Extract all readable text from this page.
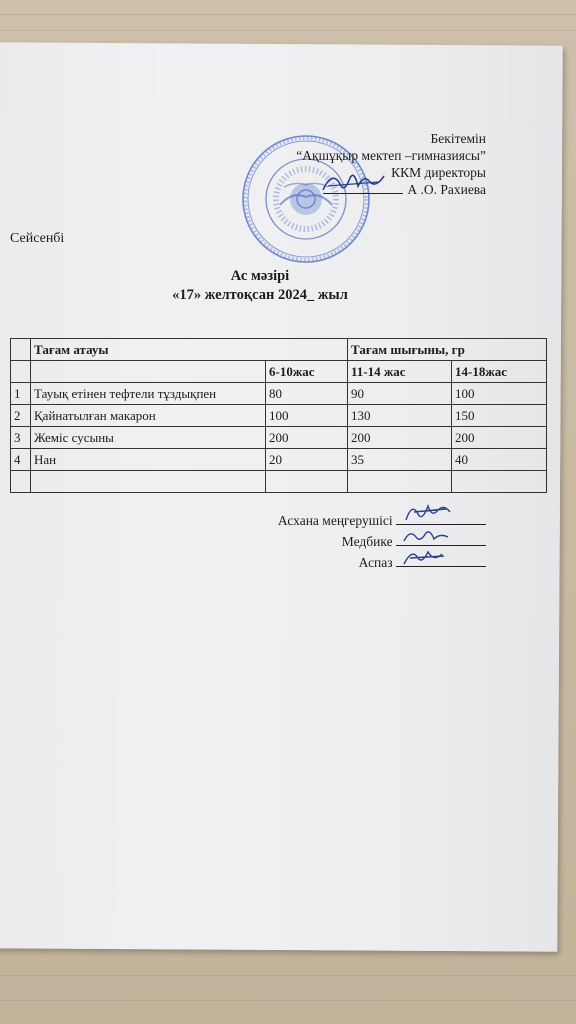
Бекітемін
“Ақшұқыр мектеп –гимназиясы”
ККМ директоры
А .О. Рахиева
Сейсенбі
Ас мәзірі
«17» желтоқсан 2024_ жыл
	Тағам атауы		Тағам шығыны, гр	
		6-10жас	11-14 жас	14-18жас
1	Тауық етінен тефтели тұздықпен	80	90	100
2	Қайнатылған макарон	100	130	150
3	Жеміс сусыны	200	200	200
4	Нан	20	35	40

Асхана меңгерушісі
Медбике
Аспаз
